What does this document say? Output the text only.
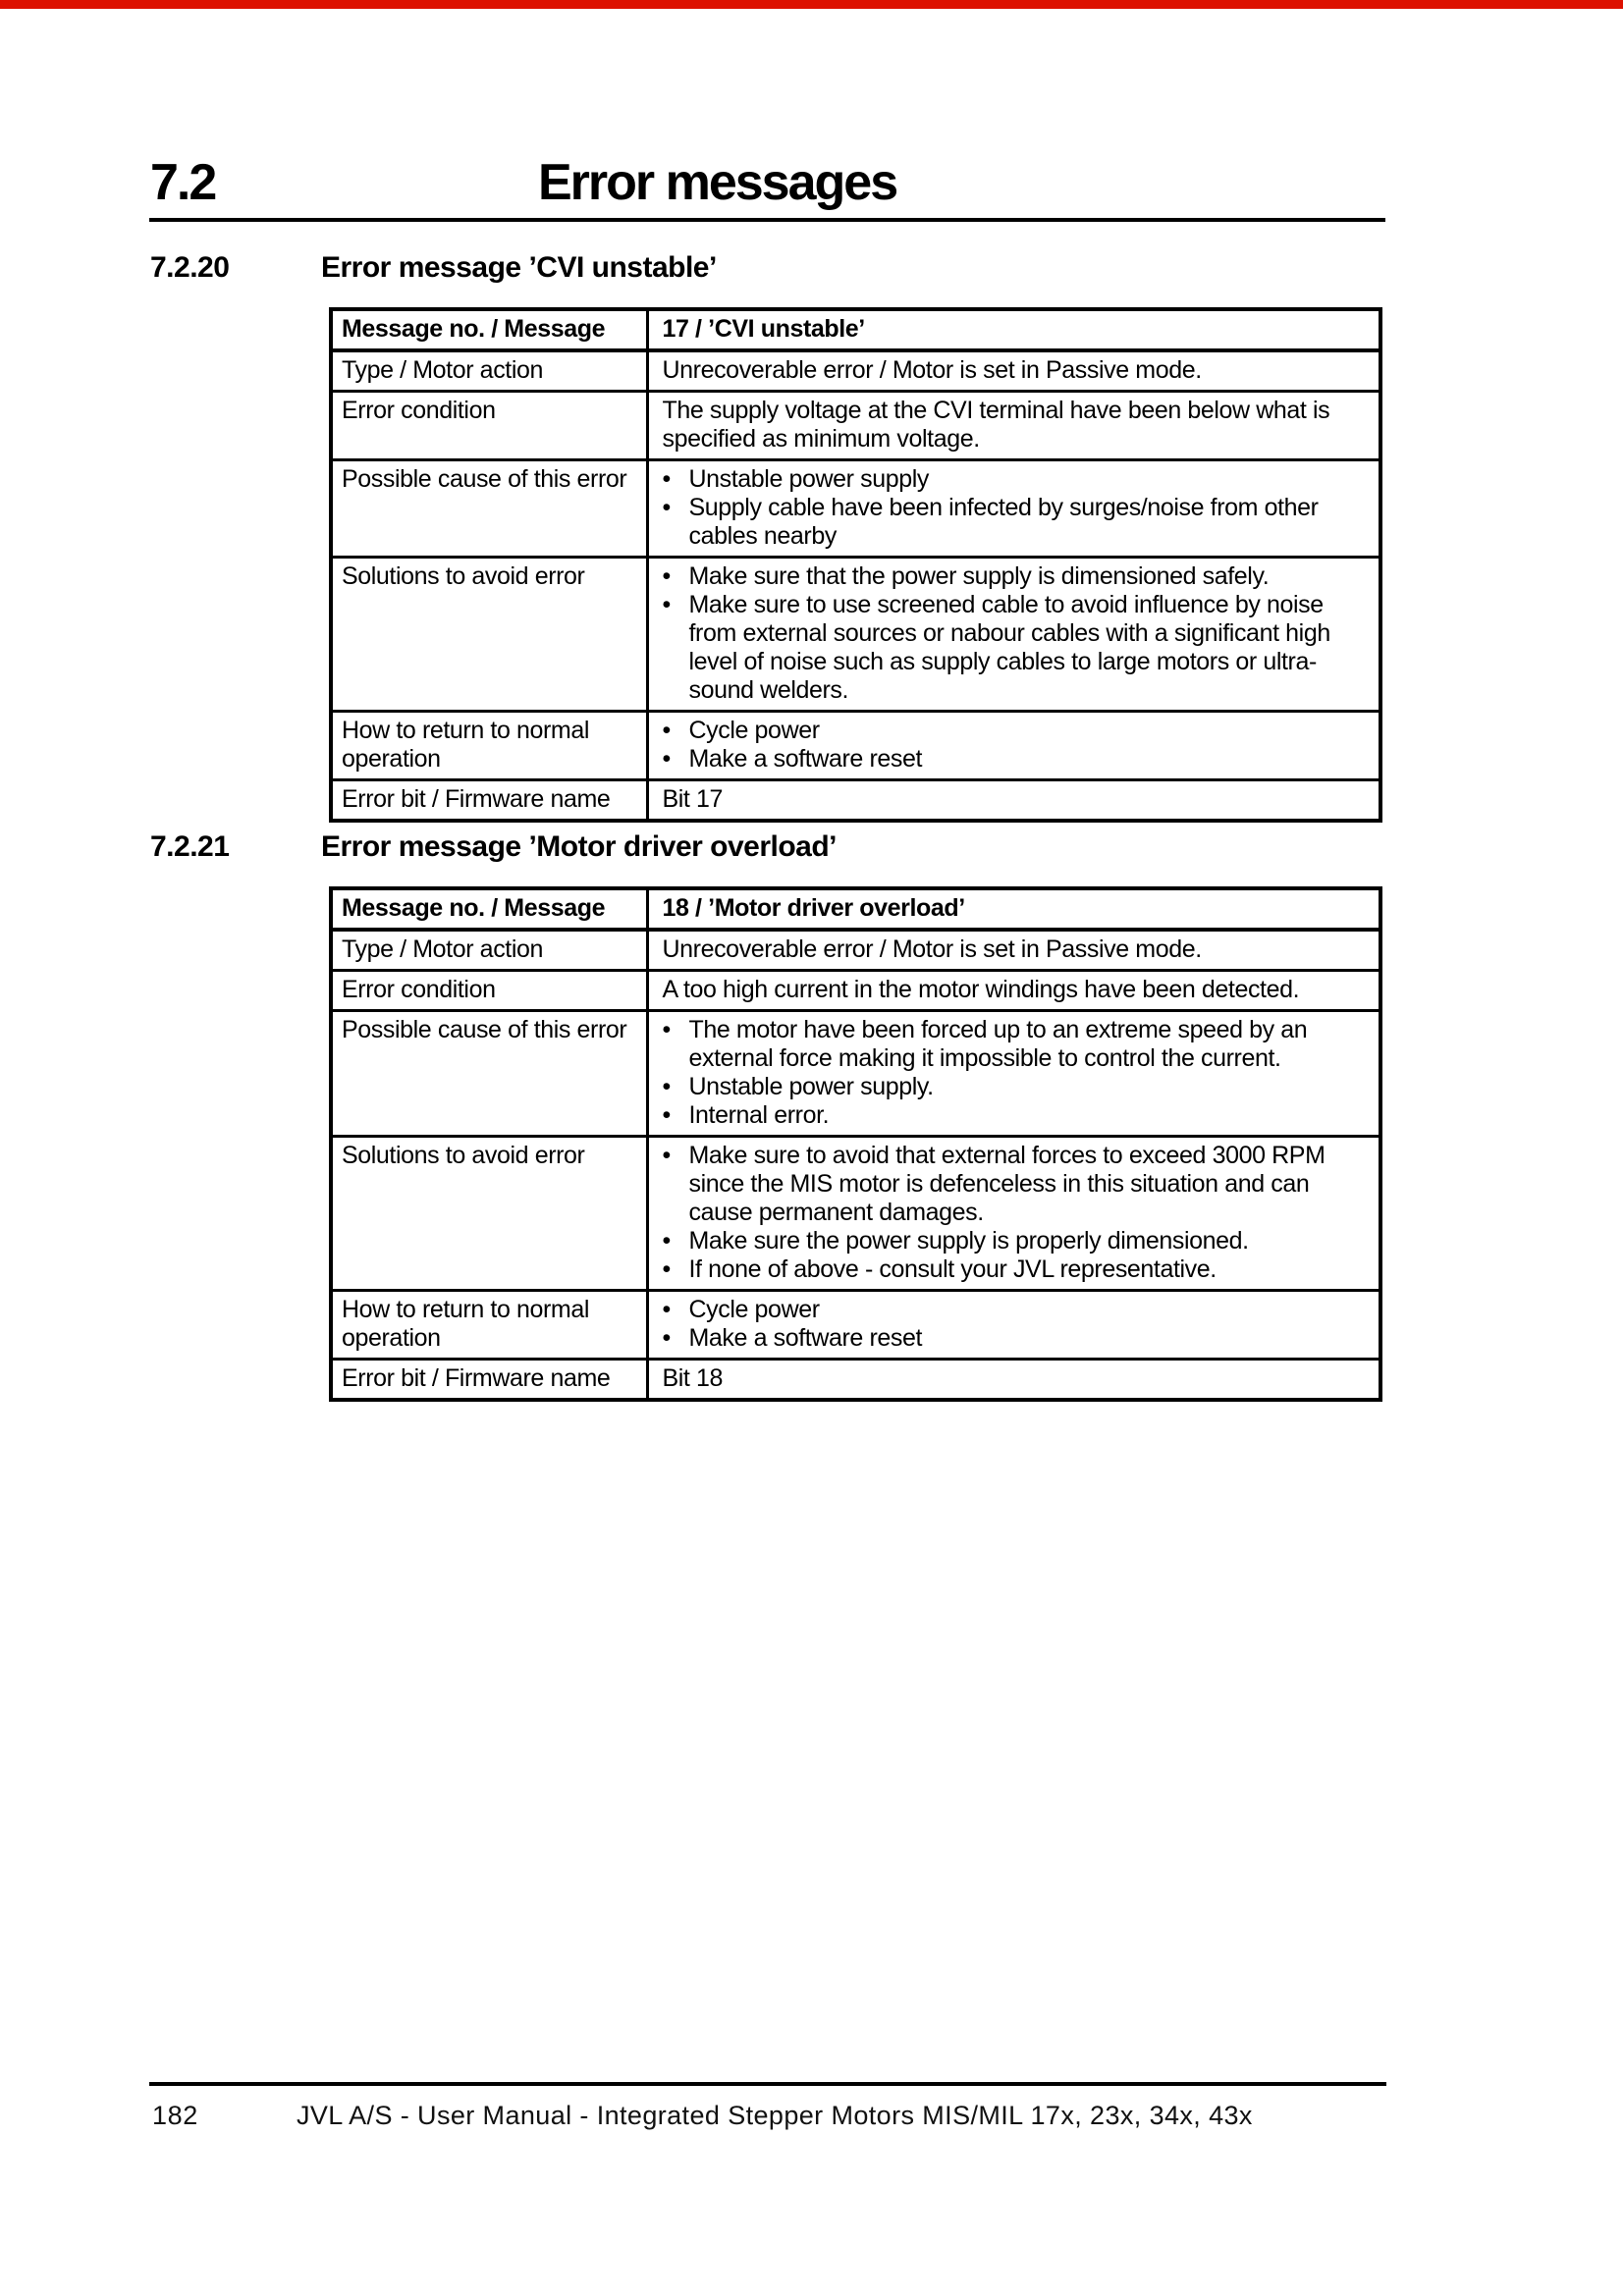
7.2	Error messages
7.2.20	Error message ’CVI unstable’
Message no. / Message	17 / ’CVI unstable’
Type / Motor action	Unrecoverable error / Motor is set in Passive mode.
Error condition	The supply voltage at the CVI terminal have been below what is specified as minimum voltage.
Possible cause of this error	• Unstable power supply
• Supply cable have been infected by surges/noise from other cables nearby

Solutions to avoid error	• Make sure that the power supply is dimensioned safely.
• Make sure to use screened cable to avoid influence by noise from external sources or nabour cables with a significant high level of noise such as supply cables to large motors or ultra-sound welders.

How to return to normal operation	• Cycle power
• Make a software reset

Error bit / Firmware name	Bit 17
7.2.21	Error message ’Motor driver overload’
Message no. / Message	18 / ’Motor driver overload’
Type / Motor action	Unrecoverable error / Motor is set in Passive mode.
Error condition	A too high current in the motor windings have been detected.
Possible cause of this error	• The motor have been forced up to an extreme speed by an external force making it impossible to control the current.
• Unstable power supply.
• Internal error.

Solutions to avoid error	• Make sure to avoid that external forces to exceed 3000 RPM since the MIS motor is defenceless in this situation and can cause permanent damages.
• Make sure the power supply is properly dimensioned.
• If none of above - consult your JVL representative.

How to return to normal operation	• Cycle power
• Make a software reset

Error bit / Firmware name	Bit 18
182	JVL A/S - User Manual - Integrated Stepper Motors MIS/MIL 17x, 23x, 34x, 43x
